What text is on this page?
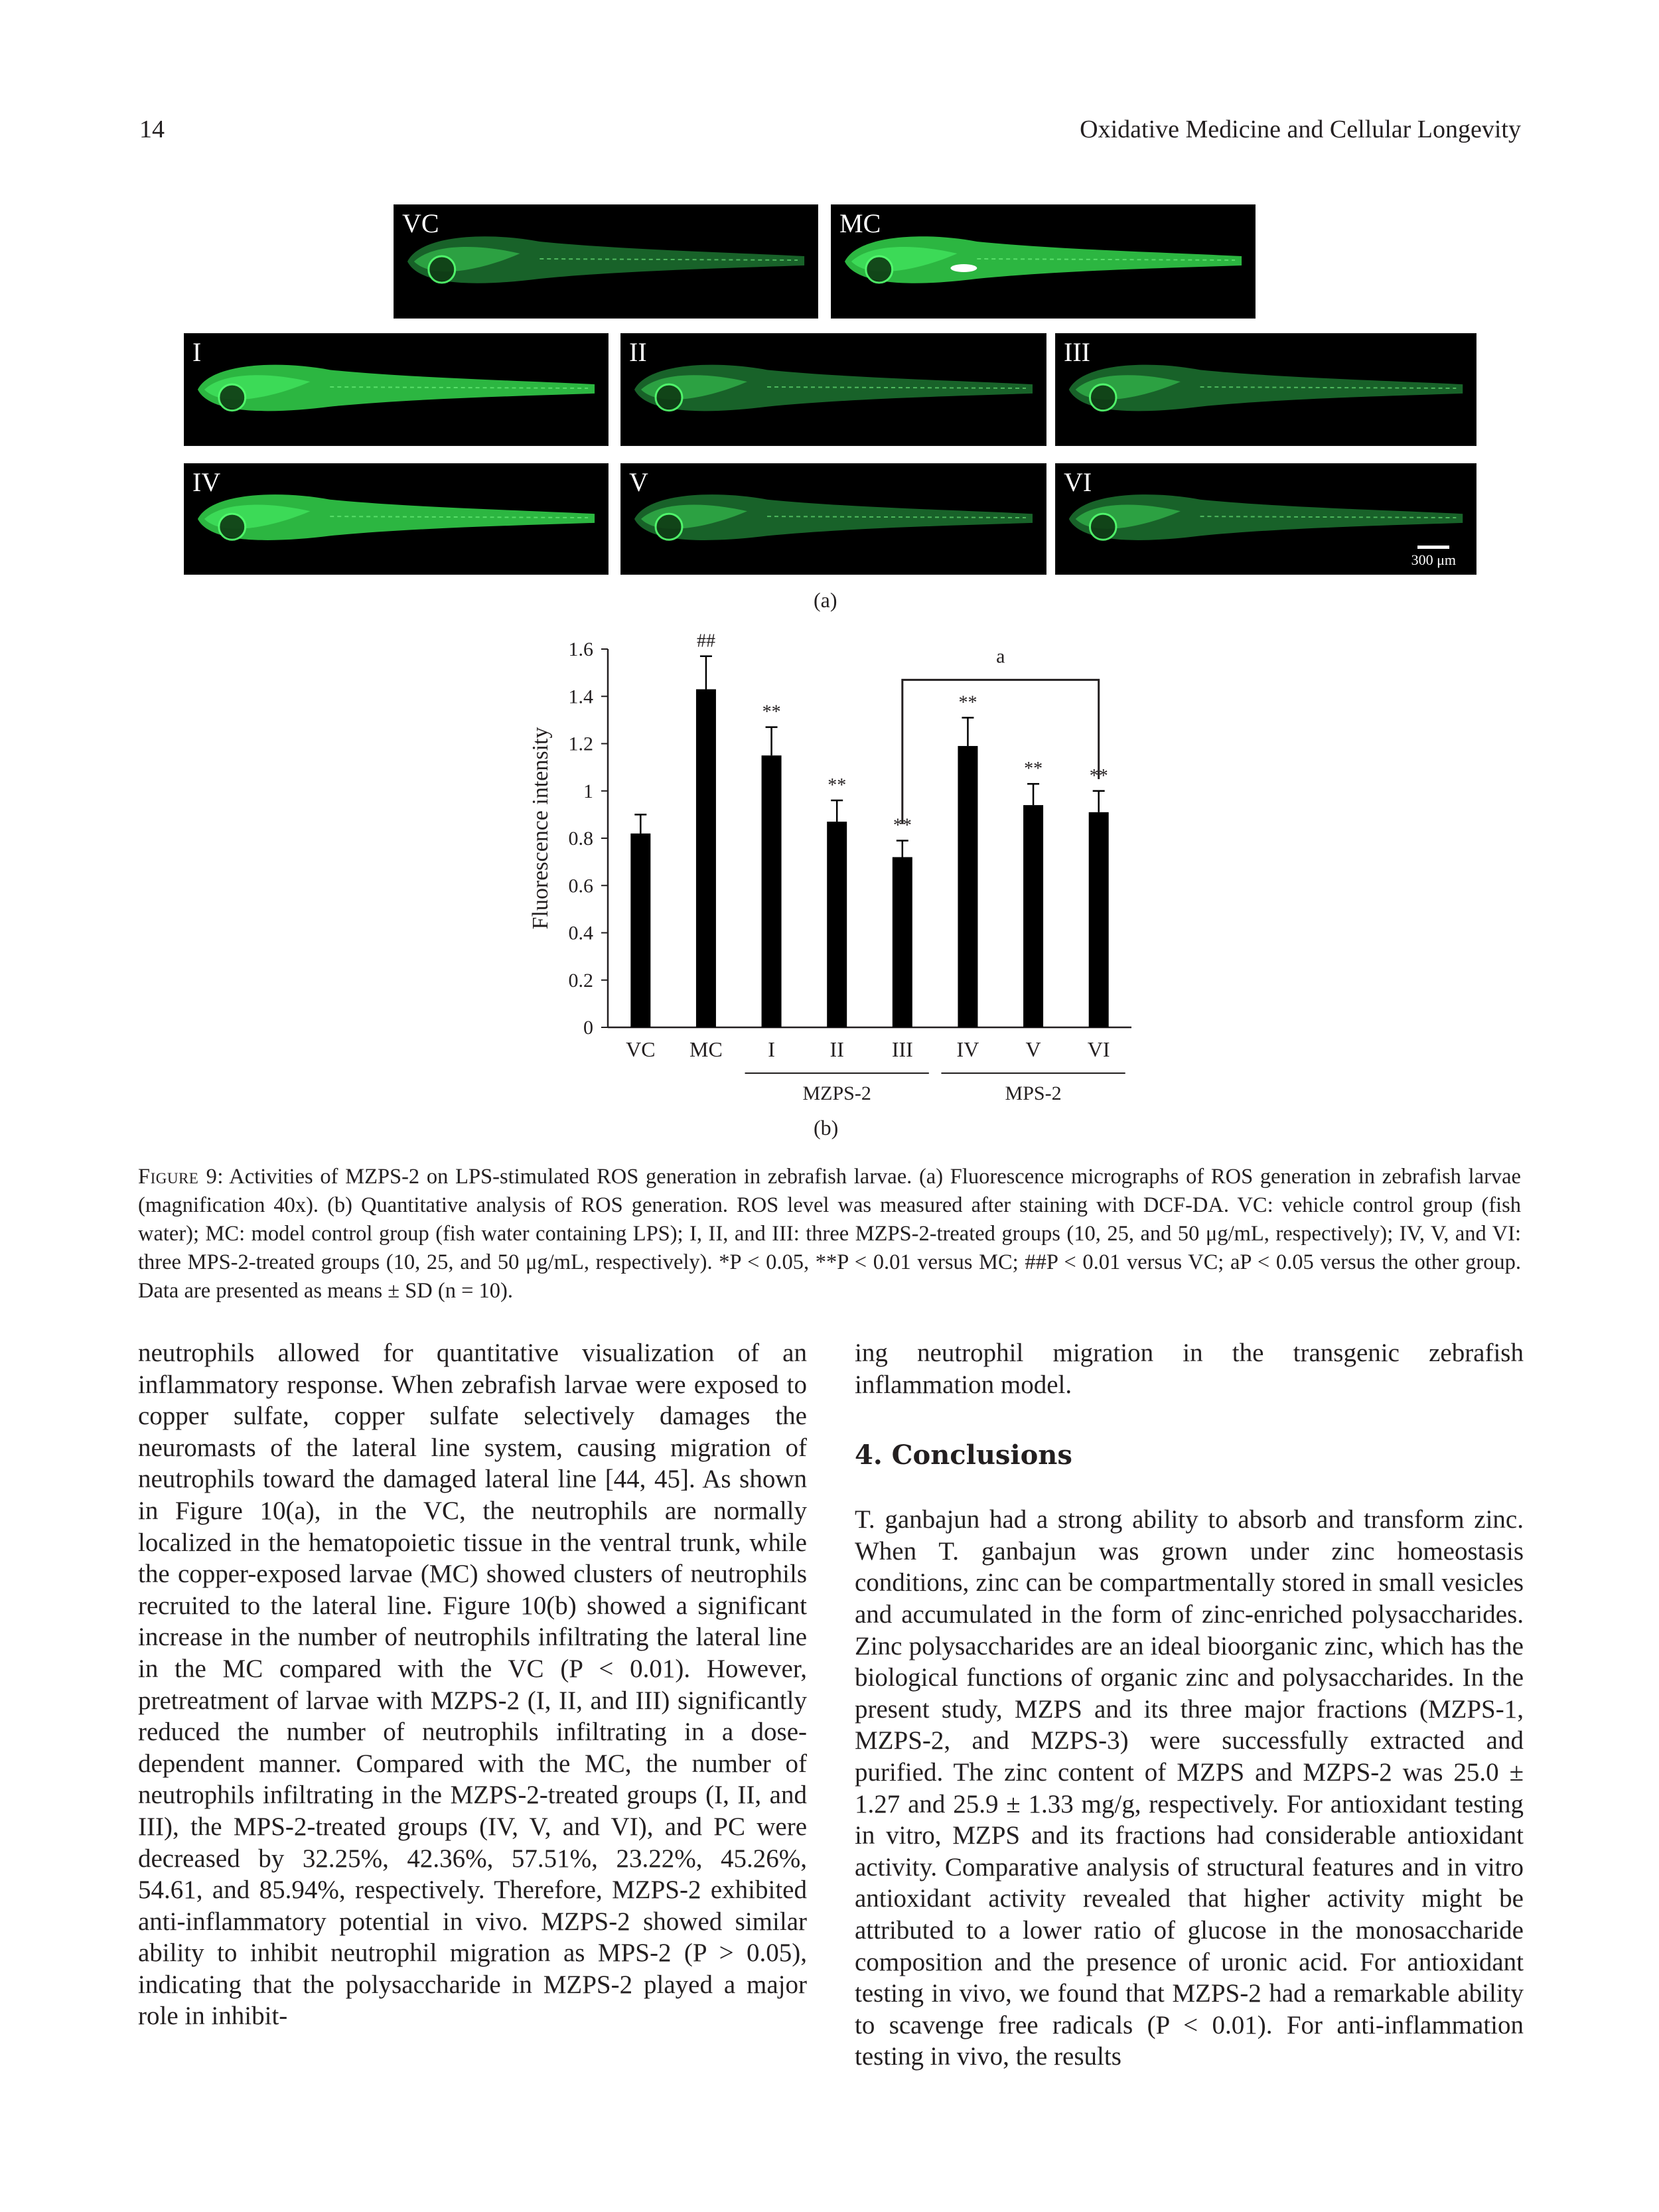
14	Oxidative Medicine and Cellular Longevity
VC	MC
I	II	III
IV	V	VI
300 μm
(a)
Fluorescence intensity
0
0.2
0.4
0.6
0.8
1
1.2
1.4
1.6
VC
##
MC
**
I
**
II
**
III
**
IV
**
V
**
VI
MZPS-2	MPS-2
a
(b)
Figure 9: Activities of MZPS-2 on LPS-stimulated ROS generation in zebrafish larvae. (a) Fluorescence micrographs of ROS generation in zebrafish larvae (magnification 40x). (b) Quantitative analysis of ROS generation. ROS level was measured after staining with DCF-DA. VC: vehicle control group (fish water); MC: model control group (fish water containing LPS); I, II, and III: three MZPS-2-treated groups (10, 25, and 50 μg/mL, respectively); IV, V, and VI: three MPS-2-treated groups (10, 25, and 50 μg/mL, respectively). *P < 0.05, **P < 0.01 versus MC; ##P < 0.01 versus VC; aP < 0.05 versus the other group. Data are presented as means ± SD (n = 10).

neutrophils allowed for quantitative visualization of an inflammatory response. When zebrafish larvae were exposed to copper sulfate, copper sulfate selectively damages the neuromasts of the lateral line system, causing migration of neutrophils toward the damaged lateral line [44, 45]. As shown in Figure 10(a), in the VC, the neutrophils are normally localized in the hematopoietic tissue in the ventral trunk, while the copper-exposed larvae (MC) showed clusters of neutrophils recruited to the lateral line. Figure 10(b) showed a significant increase in the number of neutrophils infiltrating the lateral line in the MC compared with the VC (P < 0.01). However, pretreatment of larvae with MZPS-2 (I, II, and III) significantly reduced the number of neutrophils infiltrating in a dose-dependent manner. Compared with the MC, the number of neutrophils infiltrating in the MZPS-2-treated groups (I, II, and III), the MPS-2-treated groups (IV, V, and VI), and PC were decreased by 32.25%, 42.36%, 57.51%, 23.22%, 45.26%, 54.61, and 85.94%, respectively. Therefore, MZPS-2 exhibited anti-inflammatory potential in vivo. MZPS-2 showed similar ability to inhibit neutrophil migration as MPS-2 (P > 0.05), indicating that the polysaccharide in MZPS-2 played a major role in inhibit-

ing neutrophil migration in the transgenic zebrafish inflammation model.

4. Conclusions

T. ganbajun had a strong ability to absorb and transform zinc. When T. ganbajun was grown under zinc homeostasis conditions, zinc can be compartmentally stored in small vesicles and accumulated in the form of zinc-enriched polysaccharides. Zinc polysaccharides are an ideal bioorganic zinc, which has the biological functions of organic zinc and polysaccharides. In the present study, MZPS and its three major fractions (MZPS-1, MZPS-2, and MZPS-3) were successfully extracted and purified. The zinc content of MZPS and MZPS-2 was 25.0 ± 1.27 and 25.9 ± 1.33 mg/g, respectively. For antioxidant testing in vitro, MZPS and its fractions had considerable antioxidant activity. Comparative analysis of structural features and in vitro antioxidant activity revealed that higher activity might be attributed to a lower ratio of glucose in the monosaccharide composition and the presence of uronic acid. For antioxidant testing in vivo, we found that MZPS-2 had a remarkable ability to scavenge free radicals (P < 0.01). For anti-inflammation testing in vivo, the results
